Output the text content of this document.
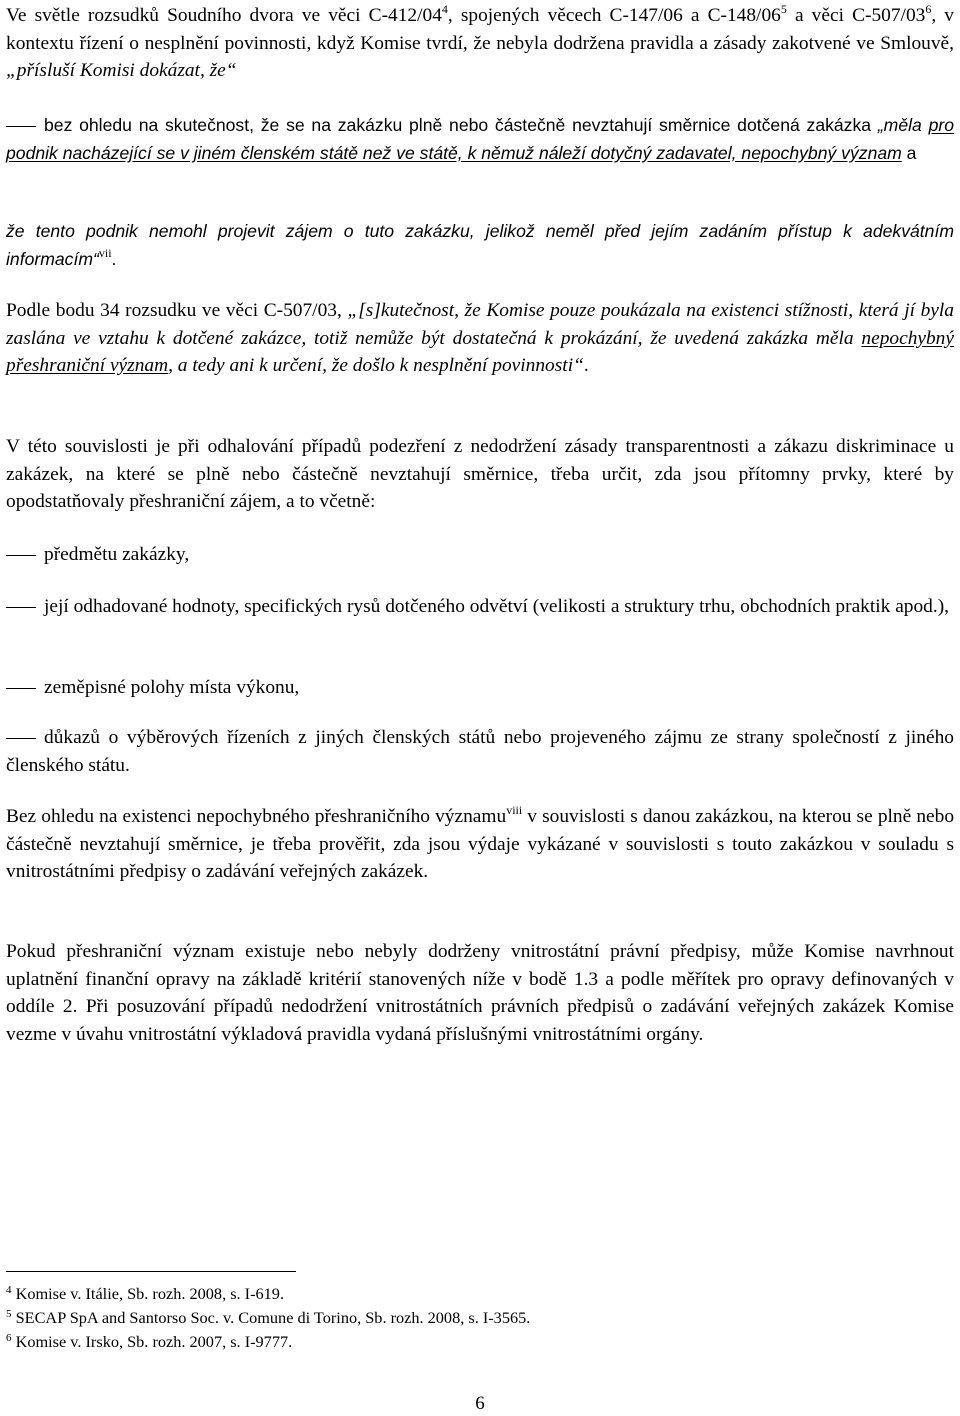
Ve světle rozsudků Soudního dvora ve věci $C-412/04^4$, spojených věcech C-147/06 a $C-148/06^5$ a věci $C-507/03^6$, v kontextu řízení o nesplnění povinnosti, když Komise tvrdí, že nebyla dodržena pravidla a zásady zakotvené ve Smlouvě, „přísluší Komisi dokázat, že“

bez ohledu na skutečnost, že se na zakázku plně nebo částečně nevztahují směrnice dotčená zakázka „měla pro podnik nacházející se v jiném členském státě než ve státě, k němuž náleží dotyčný zadavatel, nepochybný význam a

že tento podnik nemohl projevit zájem o tuto zakázku, jelikož neměl před jejím zadáním přístup k adekvátním informacím“$^{vii}$.

Podle bodu 34 rozsudku ve věci C-507/03, „[s]kutečnost, že Komise pouze poukázala na existenci stížnosti, která jí byla zaslána ve vztahu k dotčené zakázce, totiž nemůže být dostatečná k prokázání, že uvedená zakázka měla nepochybný přeshraniční význam, a tedy ani k určení, že došlo k nesplnění povinnosti“.

V této souvislosti je při odhalování případů podezření z nedodržení zásady transparentnosti a zákazu diskriminace u zakázek, na které se plně nebo částečně nevztahují směrnice, třeba určit, zda jsou přítomny prvky, které by opodstatňovaly přeshraniční zájem, a to včetně:

předmětu zakázky,

její odhadované hodnoty, specifických rysů dotčeného odvětví (velikosti a struktury trhu, obchodních praktik apod.),

zeměpisné polohy místa výkonu,

důkazů o výběrových řízeních z jiných členských států nebo projeveného zájmu ze strany společností z jiného členského státu.

Bez ohledu na existenci nepochybného přeshraničního významu$^{viii}$ v souvislosti s danou zakázkou, na kterou se plně nebo částečně nevztahují směrnice, je třeba prověřit, zda jsou výdaje vykázané v souvislosti s touto zakázkou v souladu s vnitrostátními předpisy o zadávání veřejných zakázek.

Pokud přeshraniční význam existuje nebo nebyly dodrženy vnitrostátní právní předpisy, může Komise navrhnout uplatnění finanční opravy na základě kritérií stanovených níže v bodě 1.3 a podle měřítek pro opravy definovaných v oddíle 2. Při posuzování případů nedodržení vnitrostátních právních předpisů o zadávání veřejných zakázek Komise vezme v úvahu vnitrostátní výkladová pravidla vydaná příslušnými vnitrostátními orgány.

$^4$ Komise v. Itálie, Sb. rozh. 2008, s. I-619.

$^5$ SECAP SpA and Santorso Soc. v. Comune di Torino, Sb. rozh. 2008, s. I-3565.

$^6$ Komise v. Irsko, Sb. rozh. 2007, s. I-9777.

6
